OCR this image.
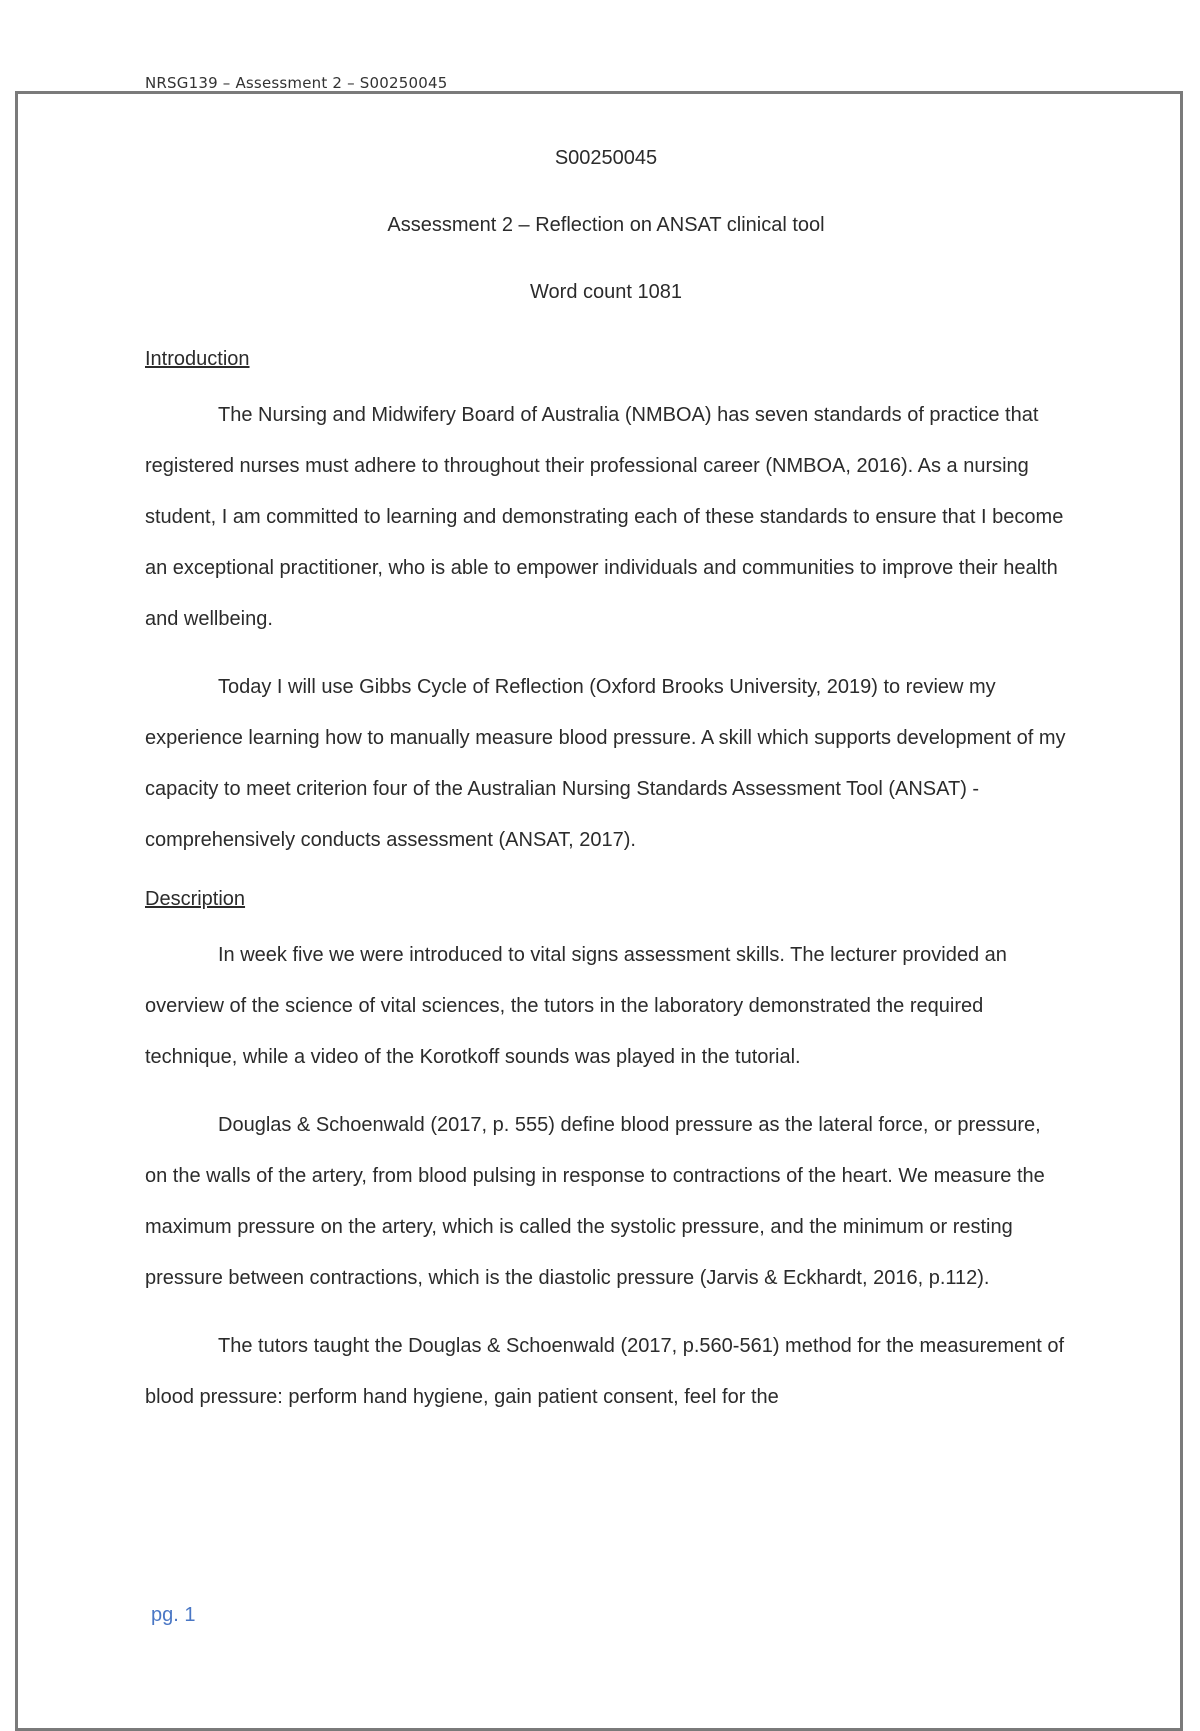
NRSG139 – Assessment 2 – S00250045
S00250045
Assessment 2 – Reflection on ANSAT clinical tool
Word count 1081
Introduction

The Nursing and Midwifery Board of Australia (NMBOA) has seven standards of practice that registered nurses must adhere to throughout their professional career (NMBOA, 2016). As a nursing student, I am committed to learning and demonstrating each of these standards to ensure that I become an exceptional practitioner, who is able to empower individuals and communities to improve their health and wellbeing.

Today I will use Gibbs Cycle of Reflection (Oxford Brooks University, 2019) to review my experience learning how to manually measure blood pressure. A skill which supports development of my capacity to meet criterion four of the Australian Nursing Standards Assessment Tool (ANSAT) - comprehensively conducts assessment (ANSAT, 2017).

Description

In week five we were introduced to vital signs assessment skills. The lecturer provided an overview of the science of vital sciences, the tutors in the laboratory demonstrated the required technique, while a video of the Korotkoff sounds was played in the tutorial.

Douglas & Schoenwald (2017, p. 555) define blood pressure as the lateral force, or pressure, on the walls of the artery, from blood pulsing in response to contractions of the heart. We measure the maximum pressure on the artery, which is called the systolic pressure, and the minimum or resting pressure between contractions, which is the diastolic pressure (Jarvis & Eckhardt, 2016, p.112).

The tutors taught the Douglas & Schoenwald (2017, p.560-561) method for the measurement of blood pressure: perform hand hygiene, gain patient consent, feel for the

pg. 1
